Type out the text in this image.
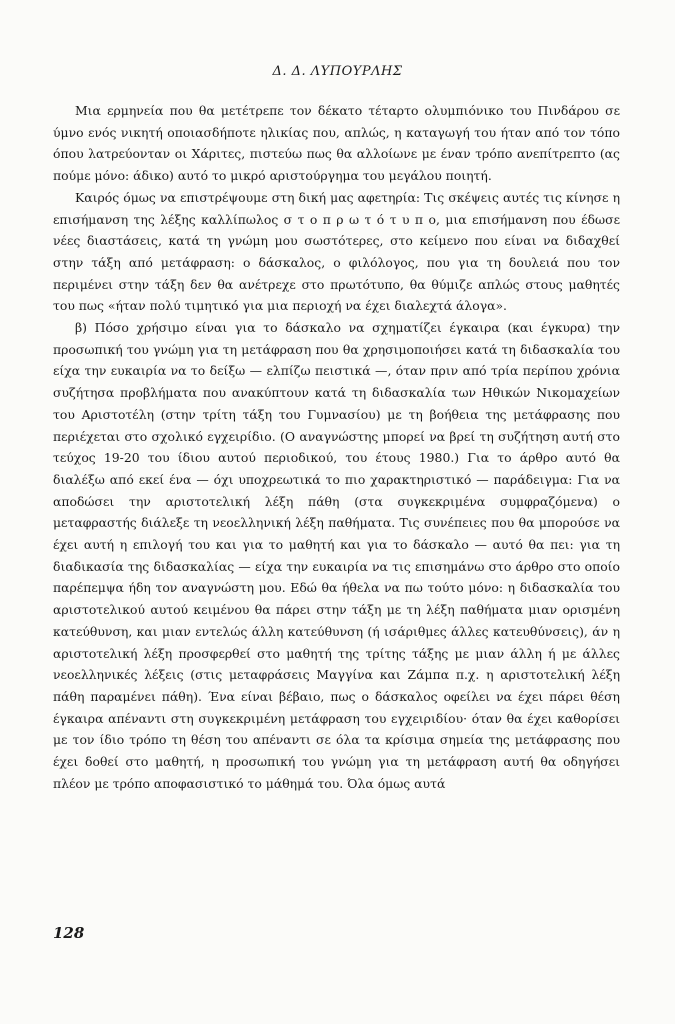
Δ. Δ. ΛΥΠΟΥΡΛΗΣ

Μια ερμηνεία που θα μετέτρεπε τον δέκατο τέταρτο ολυμπιόνικο του Πινδάρου σε ύμνο ενός νικητή οποιασδήποτε ηλικίας που, απλώς, η καταγωγή του ήταν από τον τόπο όπου λατρεύονταν οι Χάριτες, πιστεύω πως θα αλλοίωνε με έναν τρόπο ανεπίτρεπτο (ας πούμε μόνο: άδικο) αυτό το μικρό αριστούργημα του μεγάλου ποιητή.

Καιρός όμως να επιστρέψουμε στη δική μας αφετηρία: Τις σκέψεις αυτές τις κίνησε η επισήμανση της λέξης καλλίπωλος σ τ ο π ρ ω τ ό τ υ π ο, μια επισήμανση που έδωσε νέες διαστάσεις, κατά τη γνώμη μου σωστότερες, στο κείμενο που είναι να διδαχθεί στην τάξη από μετάφραση: ο δάσκαλος, ο φιλόλογος, που για τη δουλειά που τον περιμένει στην τάξη δεν θα ανέτρεχε στο πρωτότυπο, θα θύμιζε απλώς στους μαθητές του πως «ήταν πολύ τιμητικό για μια περιοχή να έχει διαλεχτά άλογα».

β) Πόσο χρήσιμο είναι για το δάσκαλο να σχηματίζει έγκαιρα (και έγκυρα) την προσωπική του γνώμη για τη μετάφραση που θα χρησιμοποιήσει κατά τη διδασκαλία του είχα την ευκαιρία να το δείξω — ελπίζω πειστικά —, όταν πριν από τρία περίπου χρόνια συζήτησα προβλήματα που ανακύπτουν κατά τη διδασκαλία των Ηθικών Νικομαχείων του Αριστοτέλη (στην τρίτη τάξη του Γυμνασίου) με τη βοήθεια της μετάφρασης που περιέχεται στο σχολικό εγχειρίδιο. (Ο αναγνώστης μπορεί να βρεί τη συζήτηση αυτή στο τεύχος 19-20 του ίδιου αυτού περιοδικού, του έτους 1980.) Για το άρθρο αυτό θα διαλέξω από εκεί ένα — όχι υποχρεωτικά το πιο χαρακτηριστικό — παράδειγμα: Για να αποδώσει την αριστοτελική λέξη πάθη (στα συγκεκριμένα συμφραζόμενα) ο μεταφραστής διάλεξε τη νεοελληνική λέξη παθήματα. Τις συνέπειες που θα μπορούσε να έχει αυτή η επιλογή του και για το μαθητή και για το δάσκαλο — αυτό θα πει: για τη διαδικασία της διδασκαλίας — είχα την ευκαιρία να τις επισημάνω στο άρθρο στο οποίο παρέπεμψα ήδη τον αναγνώστη μου. Εδώ θα ήθελα να πω τούτο μόνο: η διδασκαλία του αριστοτελικού αυτού κειμένου θα πάρει στην τάξη με τη λέξη παθήματα μιαν ορισμένη κατεύθυνση, και μιαν εντελώς άλλη κατεύθυνση (ή ισάριθμες άλλες κατευθύνσεις), άν η αριστοτελική λέξη προσφερθεί στο μαθητή της τρίτης τάξης με μιαν άλλη ή με άλλες νεοελληνικές λέξεις (στις μεταφράσεις Μαγγίνα και Ζάμπα π.χ. η αριστοτελική λέξη πάθη παραμένει πάθη). Ένα είναι βέβαιο, πως ο δάσκαλος οφείλει να έχει πάρει θέση έγκαιρα απέναντι στη συγκεκριμένη μετάφραση του εγχειριδίου· όταν θα έχει καθορίσει με τον ίδιο τρόπο τη θέση του απέναντι σε όλα τα κρίσιμα σημεία της μετάφρασης που έχει δοθεί στο μαθητή, η προσωπική του γνώμη για τη μετάφραση αυτή θα οδηγήσει πλέον με τρόπο αποφασιστικό το μάθημά του. Όλα όμως αυτά

128
